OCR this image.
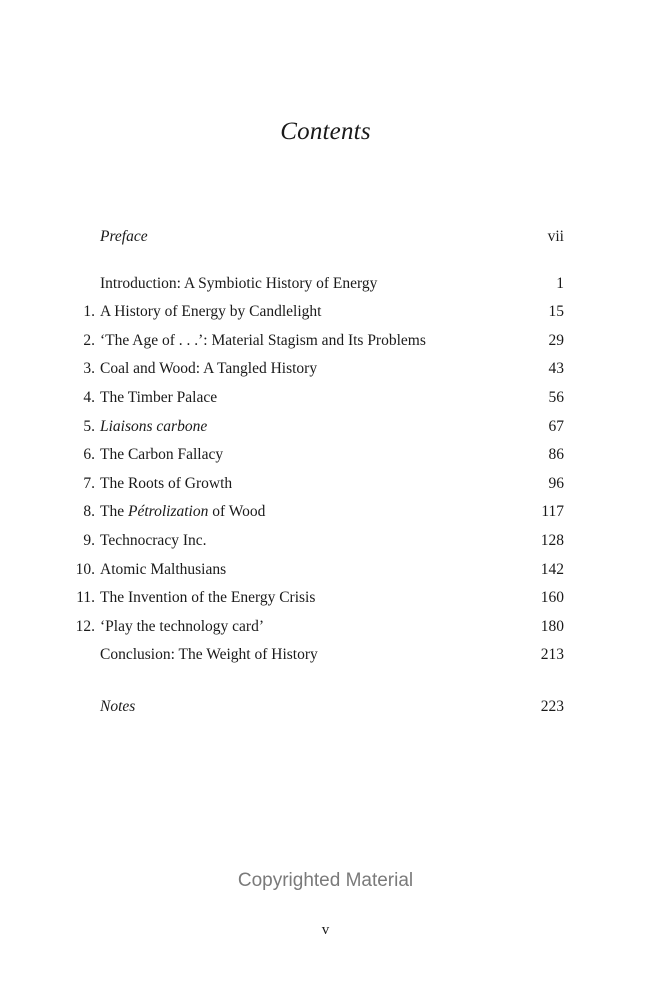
Contents
Preface	vii
Introduction: A Symbiotic History of Energy	1
1. A History of Energy by Candlelight	15
2. ‘The Age of . . .’: Material Stagism and Its Problems	29
3. Coal and Wood: A Tangled History	43
4. The Timber Palace	56
5. Liaisons carbone	67
6. The Carbon Fallacy	86
7. The Roots of Growth	96
8. The Pétrolization of Wood	117
9. Technocracy Inc.	128
10. Atomic Malthusians	142
11. The Invention of the Energy Crisis	160
12. ‘Play the technology card’	180
Conclusion: The Weight of History	213
Notes	223
Copyrighted Material
v
